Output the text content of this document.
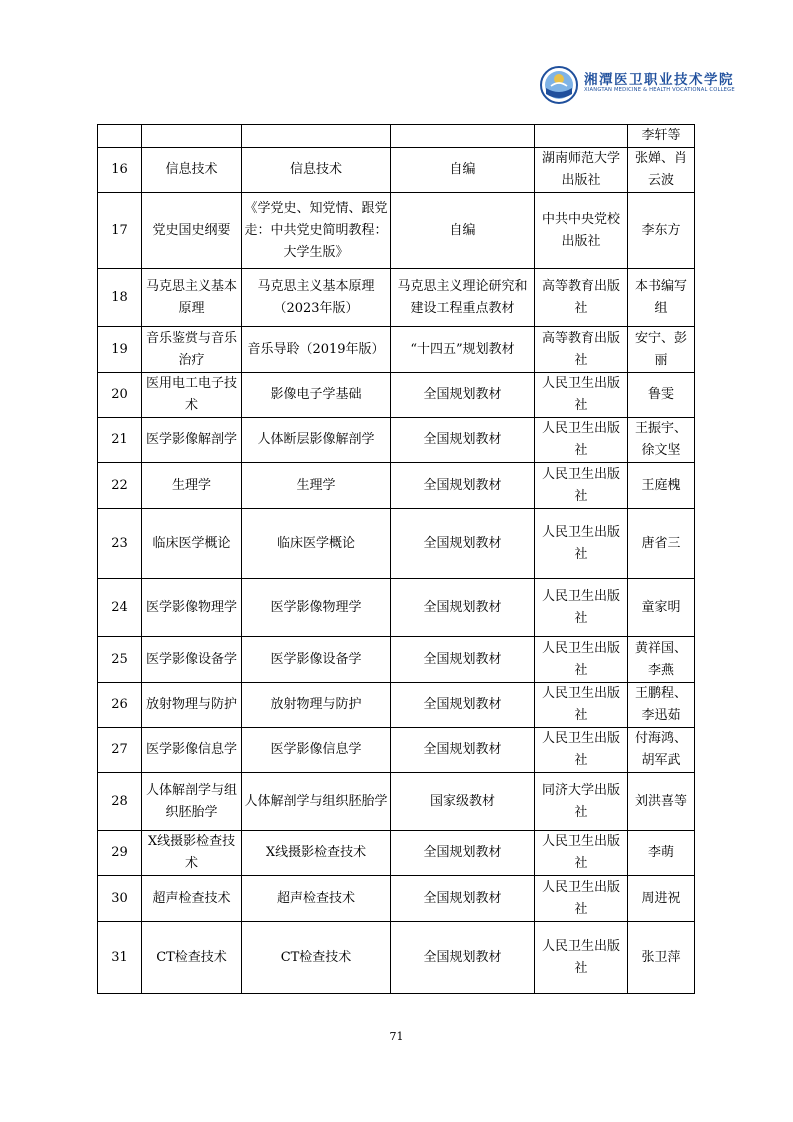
湘潭医卫职业技术学院
XIANGTAN MEDICINE & HEALTH VOCATIONAL COLLEGE
					李轩等
16	信息技术	信息技术	自编	湖南师范大学出版社	张婵、肖云波
17	党史国史纲要	《学党史、知党情、跟党走：中共党史简明教程：大学生版》	自编	中共中央党校出版社	李东方
18	马克思主义基本原理	马克思主义基本原理（2023年版）	马克思主义理论研究和建设工程重点教材	高等教育出版社	本书编写组
19	音乐鉴赏与音乐治疗	音乐导聆（2019年版）	“十四五”规划教材	高等教育出版社	安宁、彭丽
20	医用电工电子技术	影像电子学基础	全国规划教材	人民卫生出版社	鲁雯
21	医学影像解剖学	人体断层影像解剖学	全国规划教材	人民卫生出版社	王振宇、徐文坚
22	生理学	生理学	全国规划教材	人民卫生出版社	王庭槐
23	临床医学概论	临床医学概论	全国规划教材	人民卫生出版社	唐省三
24	医学影像物理学	医学影像物理学	全国规划教材	人民卫生出版社	童家明
25	医学影像设备学	医学影像设备学	全国规划教材	人民卫生出版社	黄祥国、李燕
26	放射物理与防护	放射物理与防护	全国规划教材	人民卫生出版社	王鹏程、李迅茹
27	医学影像信息学	医学影像信息学	全国规划教材	人民卫生出版社	付海鸿、胡军武
28	人体解剖学与组织胚胎学	人体解剖学与组织胚胎学	国家级教材	同济大学出版社	刘洪喜等
29	X线摄影检查技术	X线摄影检查技术	全国规划教材	人民卫生出版社	李萌
30	超声检查技术	超声检查技术	全国规划教材	人民卫生出版社	周进祝
31	CT检查技术	CT检查技术	全国规划教材	人民卫生出版社	张卫萍
71
